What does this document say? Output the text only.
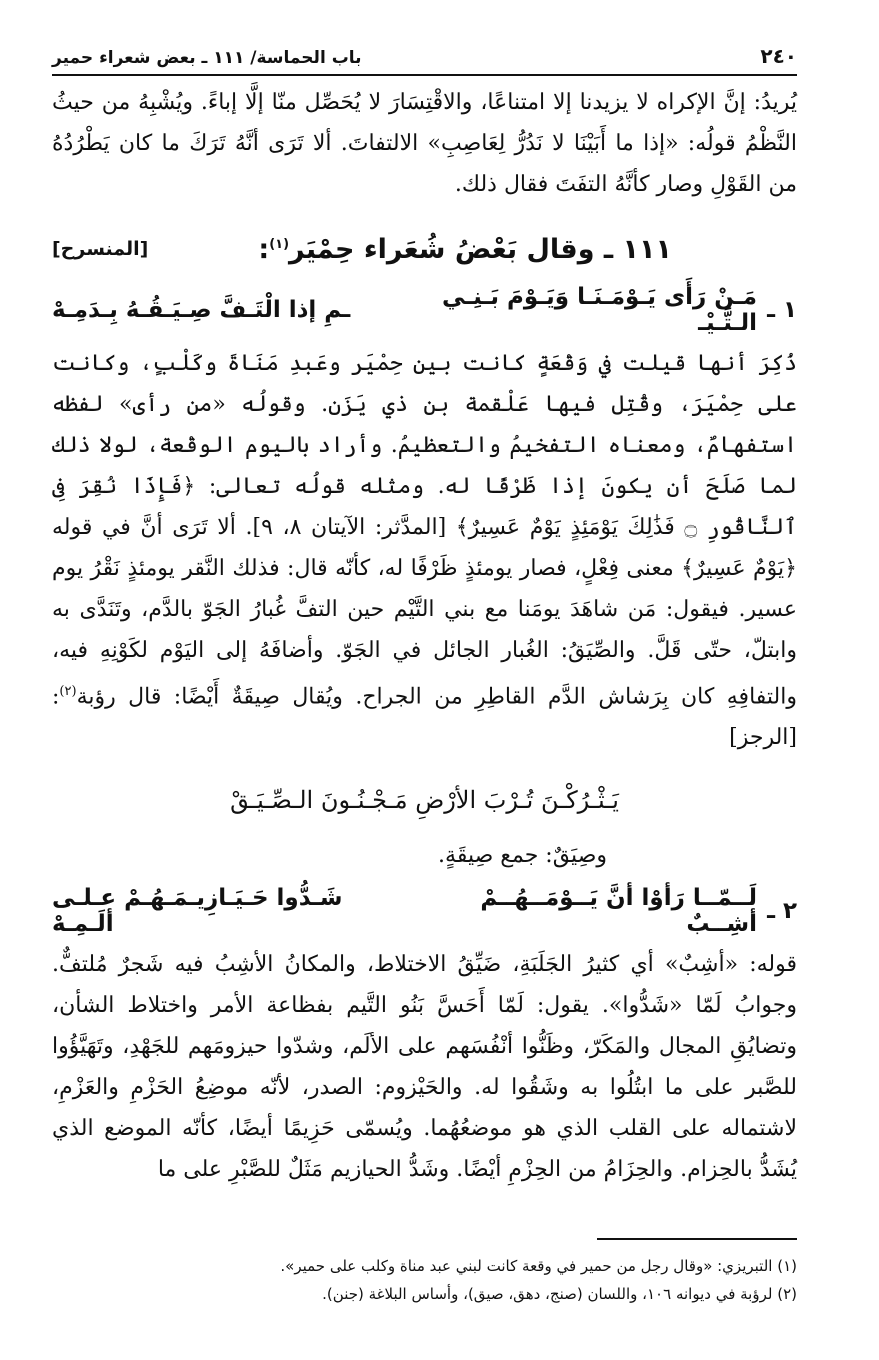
٢٤٠
باب الحماسة/ ١١١ ـ بعض شعراء حمير

يُريدُ: إنَّ الإكراه لا يزيدنا إلا امتناعًا، والاقْتِسَارَ لا يُحَصِّل منّا إلَّا إباءً. ويُشْبِهُ من حيثُ النَّظْمُ قولُه: «إذا ما أَبَيْنَا لا نَدُرُّ لِعَاصِبِ» الالتفاتَ. ألا تَرَى أنَّهُ تَرَكَ ما كان يَطْرُدُهُ من القَوْلِ وصار كأنَّهُ التفَتَ فقال ذلك.

١١١ ـ وقال بَعْضُ شُعَراء حِمْيَر$^{(١)}$:
[المنسرح]
١ ـ
مَـنْ رَأَى يَـوْمَـنَـا وَيَـوْمَ بَـنِـي الـتَّـيْـ
ـمِ إذا الْتَـفَّ صِـيَـقُـهُ بِـدَمِـهْ

ذُكِرَ أنها قيلت في وَقْعَةٍ كانت بين حِمْيَر وعَبدِ مَنَاةَ وكَلْبٍ، وكانت على حِمْيَرَ، وقُتِل فيها عَلْقمة بن ذي يَزَن. وقولُه «من رأى» لفظه استفهامٌ، ومعناه التفخيمُ والتعظيمُ. وأراد باليوم الوقْعة، لولا ذلك لما صَلَحَ أن يكونَ إذا ظَرْفًا له. ومثله قولُه تعالى: ﴿فَإِذَا نُقِرَ فِى ٱلنَّاقُورِ ۝ فَذَٰلِكَ يَوْمَئِذٍ يَوْمٌ عَسِيرٌ﴾ [المدَّثر: الآيتان ٨، ٩]. ألا تَرَى أنَّ في قوله ﴿يَوْمٌ عَسِيرٌ﴾ معنى فِعْلٍ، فصار يومئذٍ ظَرْفًا له، كأنّه قال: فذلك النَّقر يومئذٍ نَقْرُ يوم عسير. فيقول: مَن شاهَدَ يومَنا مع بني التَّيْم حين التفَّ غُبارُ الجَوّ بالدَّم، وتَنَدَّى به وابتلّ، حتّى قَلَّ. والصِّيَقُ: الغُبار الجائل في الجَوّ. وأضافَهُ إلى اليَوْم لكَوْنِهِ فيه، والتفافِهِ كان بِرَشاش الدَّم القاطِرِ من الجراح. ويُقال صِيقَةٌ أَيْضًا: قال رؤبة$^{(٢)}$: [الرجز]

يَـثْـرُكْـنَ تُـرْبَ الأرْضِ مَـجْـنُـونَ الـصِّـيَـقْ
وصِيَقٌ: جمع صِيقَةٍ.
٢ ـ
لَــمّــا رَأوْا أنَّ يَــوْمَــهُــمْ أشِــبٌ
شَـدُّوا حَـيَـازِيـمَـهُـمْ عـلـى ألَـمِـهْ

قوله: «أشِبٌ» أي كثيرُ الجَلَبَةِ، ضَيِّقُ الاختلاط، والمكانُ الأشِبُ فيه شَجرٌ مُلتفٌّ. وجوابُ لَمّا «شَدُّوا». يقول: لَمّا أَحَسَّ بَنُو التَّيم بفظاعة الأمر واختلاط الشأن، وتضايُقِ المجال والمَكَرّ، وظَنُّوا أنْفُسَهم على الألَم، وشدّوا حيزومَهم للجَهْدِ، وتَهَيَّؤُوا للصَّبر على ما ابتُلُوا به وشَقُوا له. والحَيْزوم: الصدر، لأنّه موضِعُ الحَزْمِ والعَزْمِ، لاشتماله على القلب الذي هو موضعُهُما. ويُسمّى حَزِيمًا أيضًا، كأنّه الموضع الذي يُشَدُّ بالحِزام. والحِزَامُ من الحِزْمِ أيْضًا. وشَدُّ الحيازيم مَثَلٌ للصَّبْرِ على ما

(١) التبريزي: «وقال رجل من حمير في وقعة كانت لبني عبد مناة وكلب على حمير».
(٢) لرؤبة في ديوانه ١٠٦، واللسان (صنج، دهق، صيق)، وأساس البلاغة (جنن).
